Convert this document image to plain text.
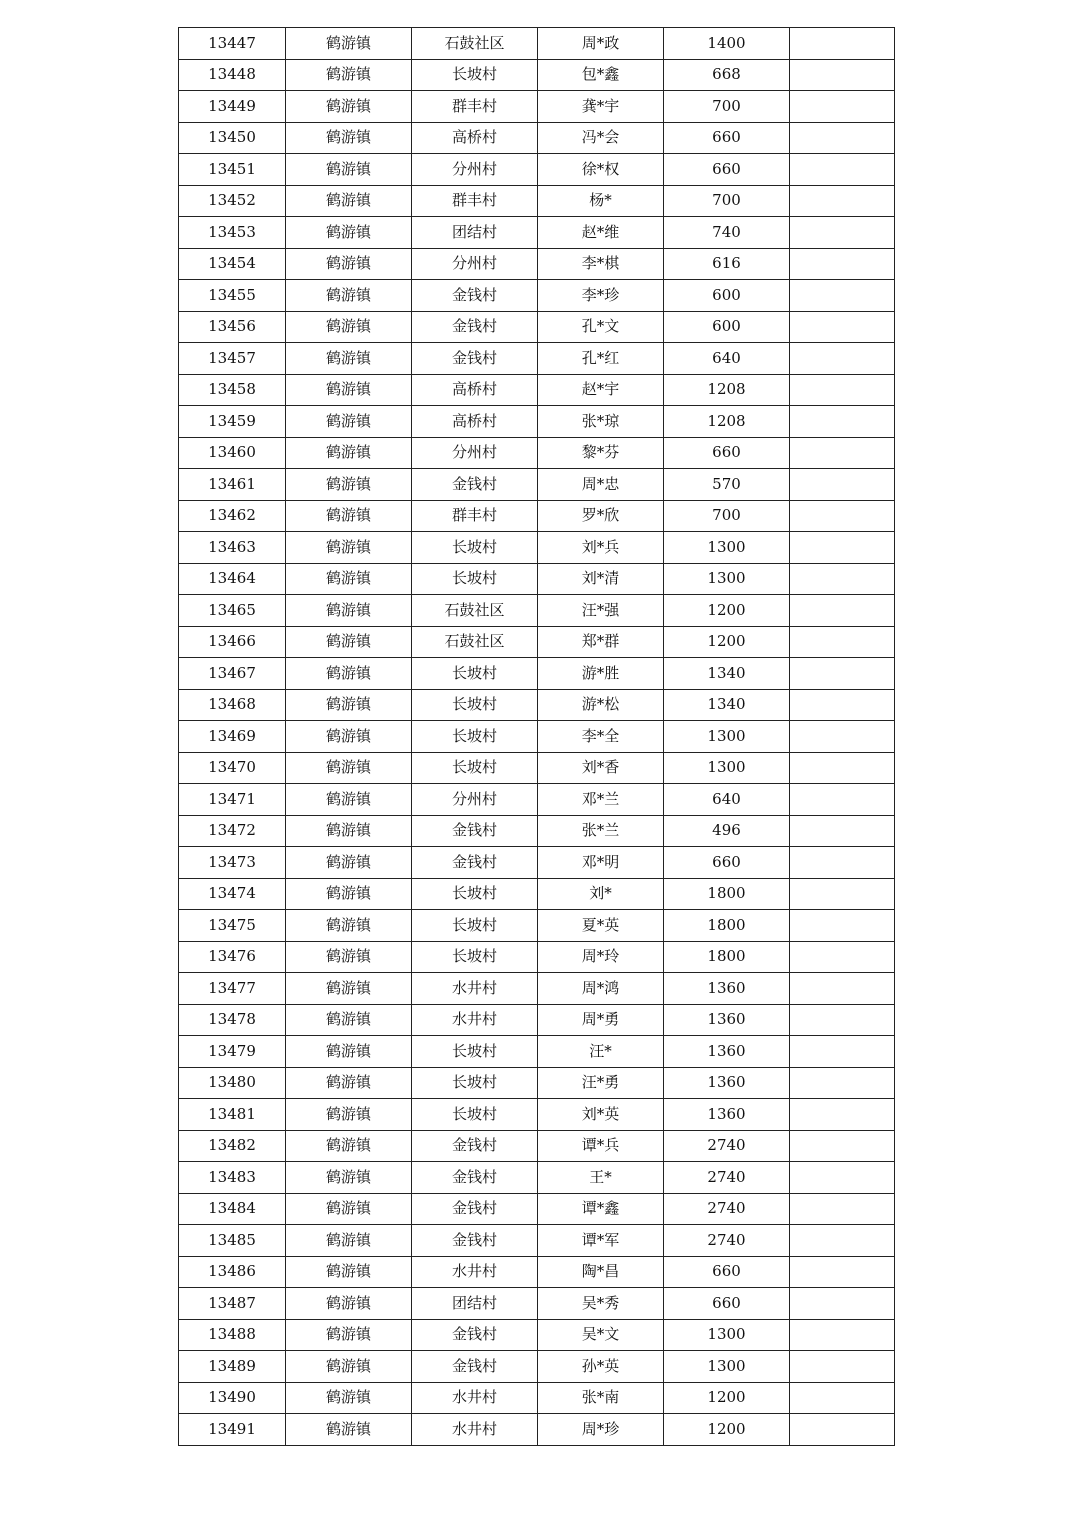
13447	鹤游镇	石鼓社区	周*政	1400	
13448	鹤游镇	长坡村	包*鑫	668	
13449	鹤游镇	群丰村	龚*宇	700	
13450	鹤游镇	高桥村	冯*会	660	
13451	鹤游镇	分州村	徐*权	660	
13452	鹤游镇	群丰村	杨*	700	
13453	鹤游镇	团结村	赵*维	740	
13454	鹤游镇	分州村	李*棋	616	
13455	鹤游镇	金钱村	李*珍	600	
13456	鹤游镇	金钱村	孔*文	600	
13457	鹤游镇	金钱村	孔*红	640	
13458	鹤游镇	高桥村	赵*宇	1208	
13459	鹤游镇	高桥村	张*琼	1208	
13460	鹤游镇	分州村	黎*芬	660	
13461	鹤游镇	金钱村	周*忠	570	
13462	鹤游镇	群丰村	罗*欣	700	
13463	鹤游镇	长坡村	刘*兵	1300	
13464	鹤游镇	长坡村	刘*清	1300	
13465	鹤游镇	石鼓社区	汪*强	1200	
13466	鹤游镇	石鼓社区	郑*群	1200	
13467	鹤游镇	长坡村	游*胜	1340	
13468	鹤游镇	长坡村	游*松	1340	
13469	鹤游镇	长坡村	李*全	1300	
13470	鹤游镇	长坡村	刘*香	1300	
13471	鹤游镇	分州村	邓*兰	640	
13472	鹤游镇	金钱村	张*兰	496	
13473	鹤游镇	金钱村	邓*明	660	
13474	鹤游镇	长坡村	刘*	1800	
13475	鹤游镇	长坡村	夏*英	1800	
13476	鹤游镇	长坡村	周*玲	1800	
13477	鹤游镇	水井村	周*鸿	1360	
13478	鹤游镇	水井村	周*勇	1360	
13479	鹤游镇	长坡村	汪*	1360	
13480	鹤游镇	长坡村	汪*勇	1360	
13481	鹤游镇	长坡村	刘*英	1360	
13482	鹤游镇	金钱村	谭*兵	2740	
13483	鹤游镇	金钱村	王*	2740	
13484	鹤游镇	金钱村	谭*鑫	2740	
13485	鹤游镇	金钱村	谭*军	2740	
13486	鹤游镇	水井村	陶*昌	660	
13487	鹤游镇	团结村	吴*秀	660	
13488	鹤游镇	金钱村	吴*文	1300	
13489	鹤游镇	金钱村	孙*英	1300	
13490	鹤游镇	水井村	张*南	1200	
13491	鹤游镇	水井村	周*珍	1200	
